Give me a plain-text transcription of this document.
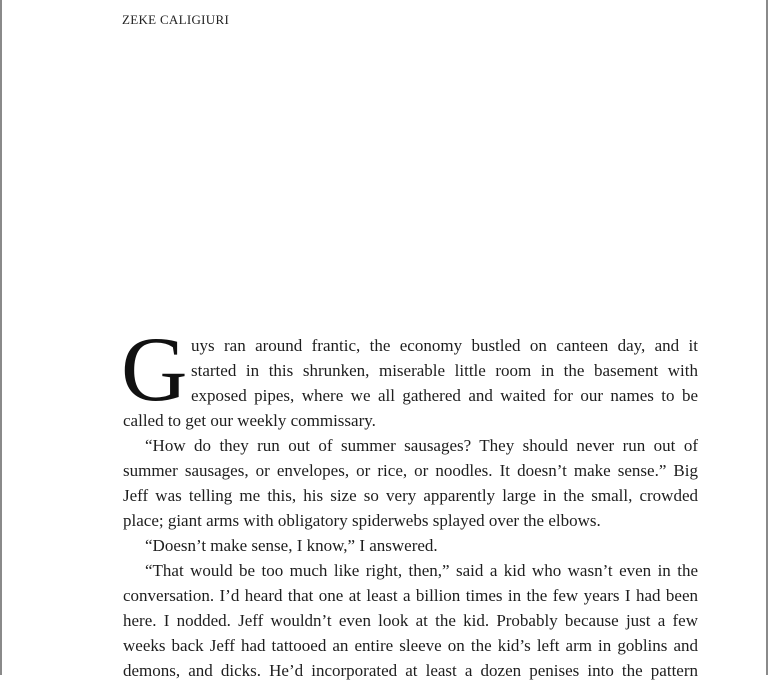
ZEKE CALIGIURI
G uys ran around frantic, the economy bustled on canteen day, and it
started in this shrunken, miserable little room in the basement with
exposed pipes, where we all gathered and waited for our names to be
called to get our weekly commissary.
“How do they run out of summer sausages? They should never run out of
summer sausages, or envelopes, or rice, or noodles. It doesn’t make sense.” Big
Jeff was telling me this, his size so very apparently large in the small, crowded
place; giant arms with obligatory spiderwebs splayed over the elbows.
“Doesn’t make sense, I know,” I answered.
“That would be too much like right, then,” said a kid who wasn’t even in the
conversation. I’d heard that one at least a billion times in the few years I had been
here. I nodded. Jeff wouldn’t even look at the kid. Probably because just a few
weeks back Jeff had tattooed an entire sleeve on the kid’s left arm in goblins and
demons, and dicks. He’d incorporated at least a dozen penises into the pattern
